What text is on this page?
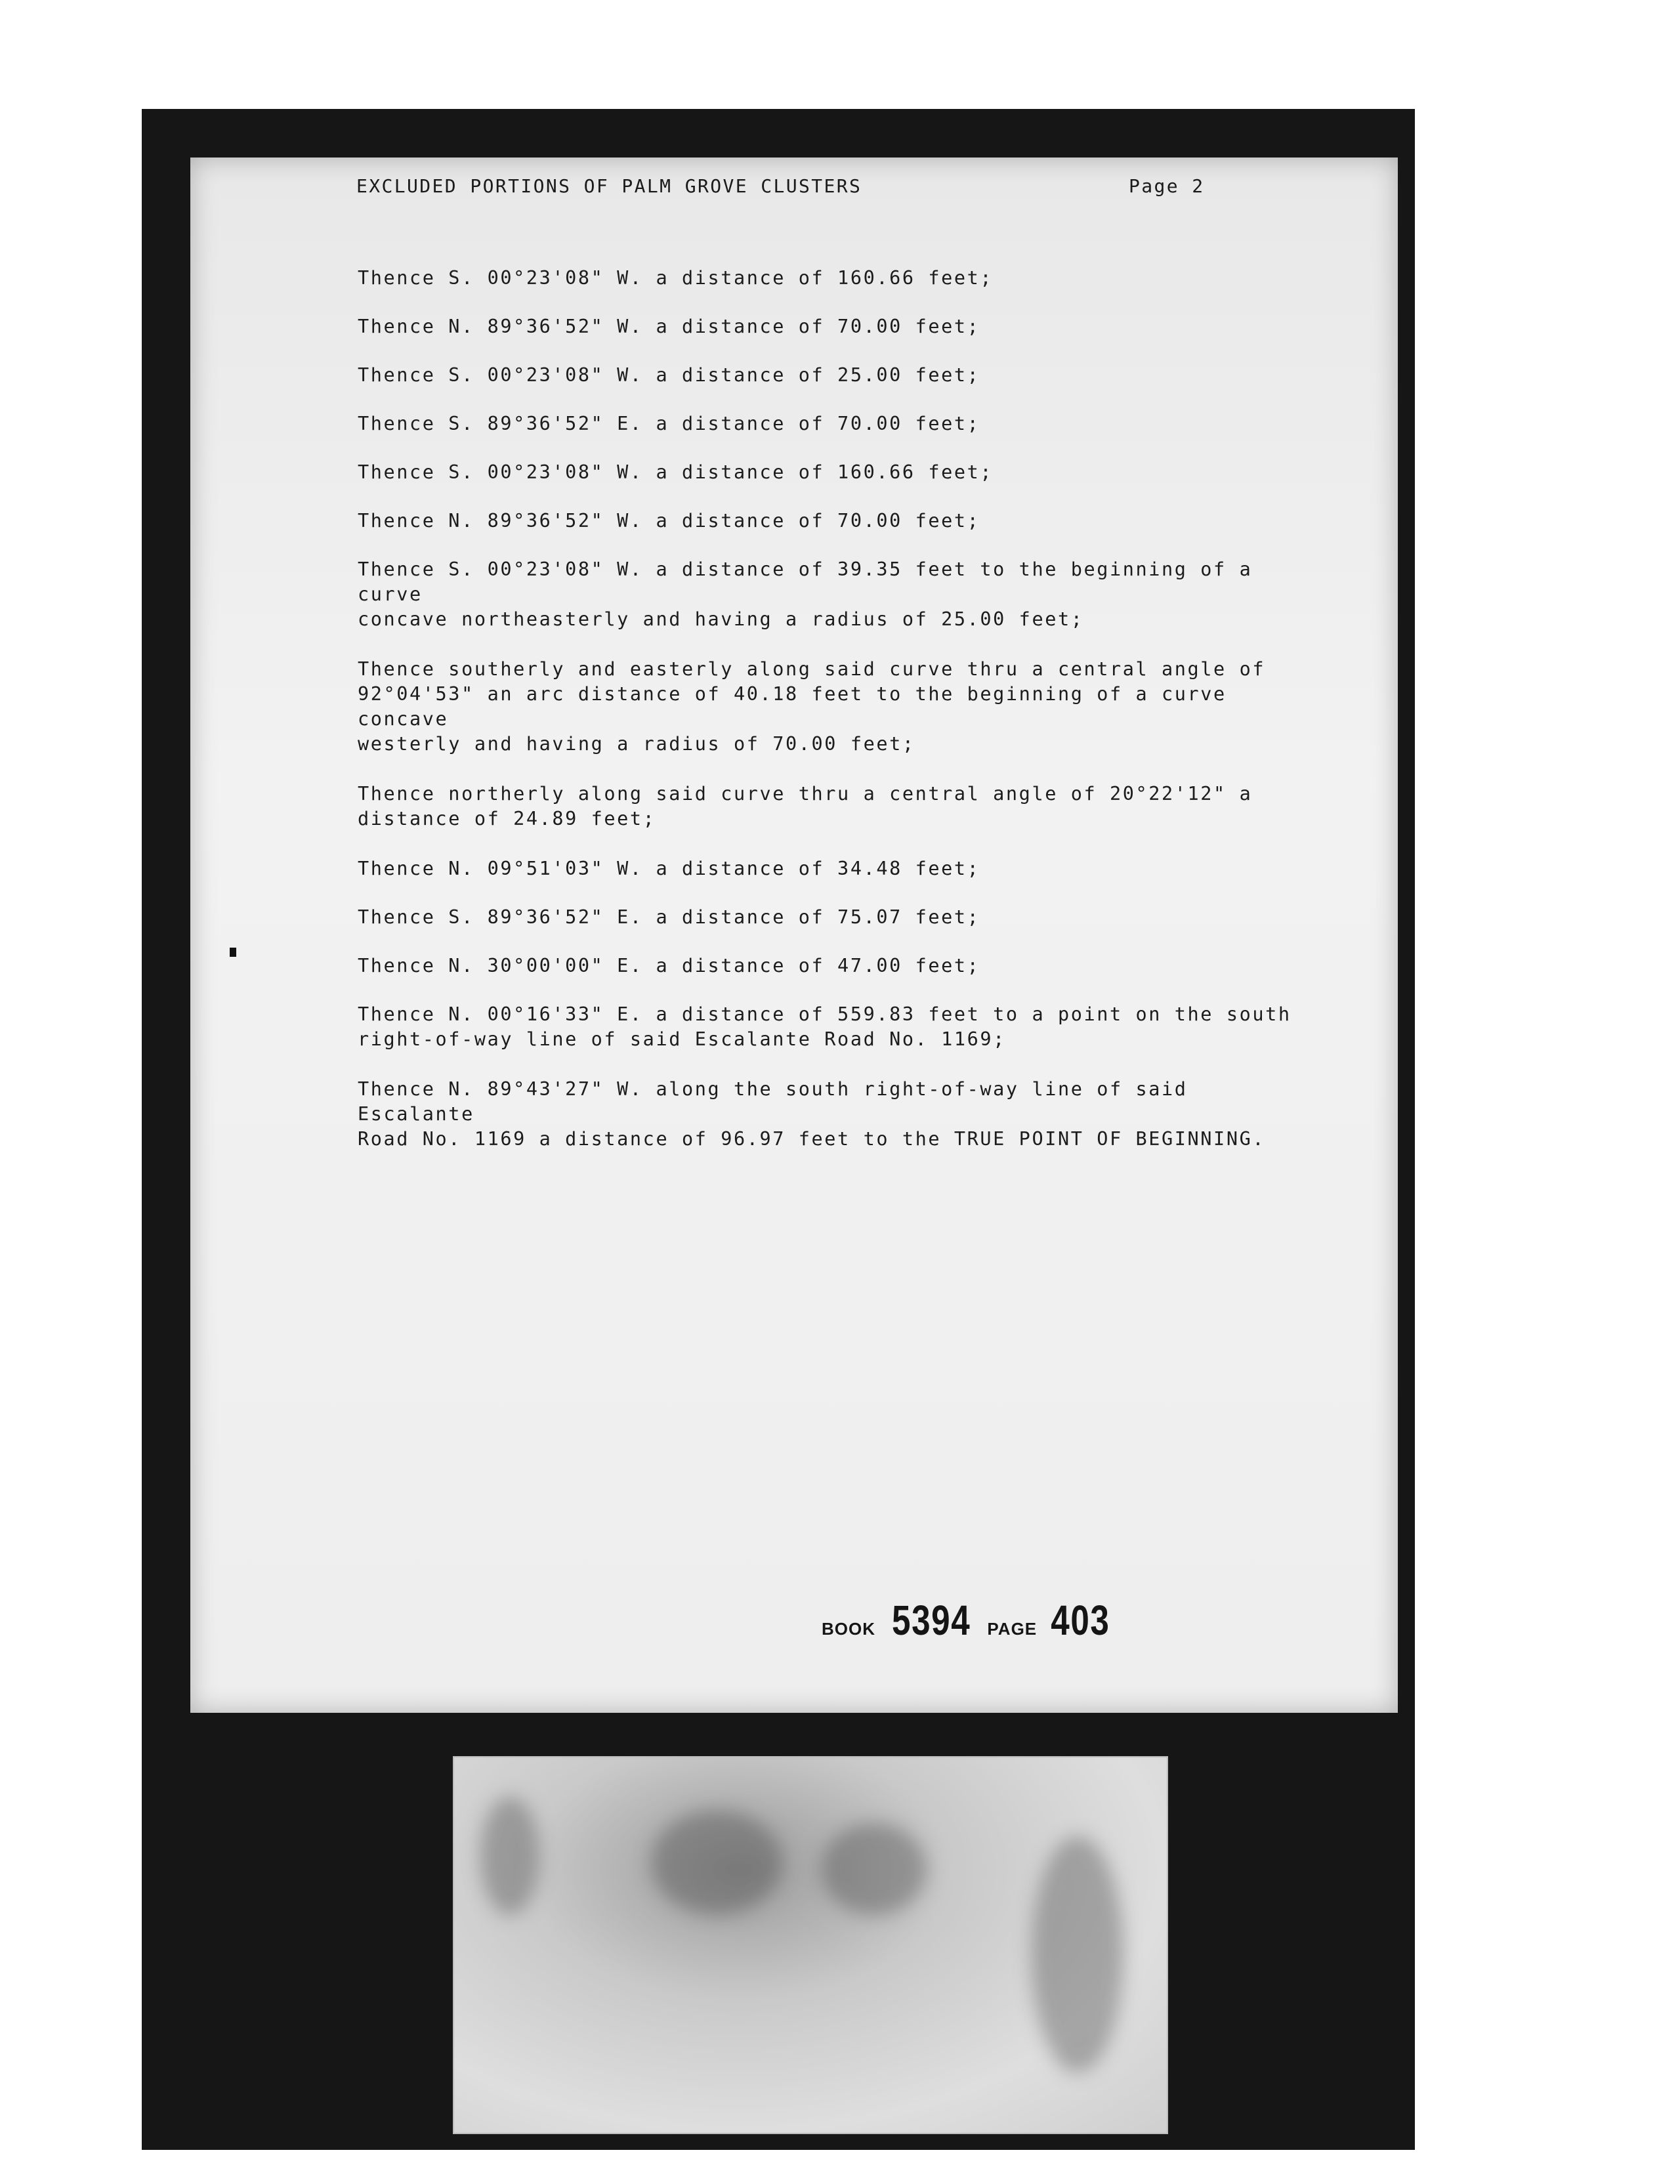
EXCLUDED PORTIONS OF PALM GROVE CLUSTERS	Page 2

Thence S. 00°23'08" W. a distance of 160.66 feet;

Thence N. 89°36'52" W. a distance of 70.00 feet;

Thence S. 00°23'08" W. a distance of 25.00 feet;

Thence S. 89°36'52" E. a distance of 70.00 feet;

Thence S. 00°23'08" W. a distance of 160.66 feet;

Thence N. 89°36'52" W. a distance of 70.00 feet;

Thence S. 00°23'08" W. a distance of 39.35 feet to the beginning of a curve
concave northeasterly and having a radius of 25.00 feet;

Thence southerly and easterly along said curve thru a central angle of
92°04'53" an arc distance of 40.18 feet to the beginning of a curve concave
westerly and having a radius of 70.00 feet;

Thence northerly along said curve thru a central angle of 20°22'12" a
distance of 24.89 feet;

Thence N. 09°51'03" W. a distance of 34.48 feet;

Thence S. 89°36'52" E. a distance of 75.07 feet;

Thence N. 30°00'00" E. a distance of 47.00 feet;

Thence N. 00°16'33" E. a distance of 559.83 feet to a point on the south
right-of-way line of said Escalante Road No. 1169;

Thence N. 89°43'27" W. along the south right-of-way line of said Escalante
Road No. 1169 a distance of 96.97 feet to the TRUE POINT OF BEGINNING.

BOOK 5394 PAGE 403
